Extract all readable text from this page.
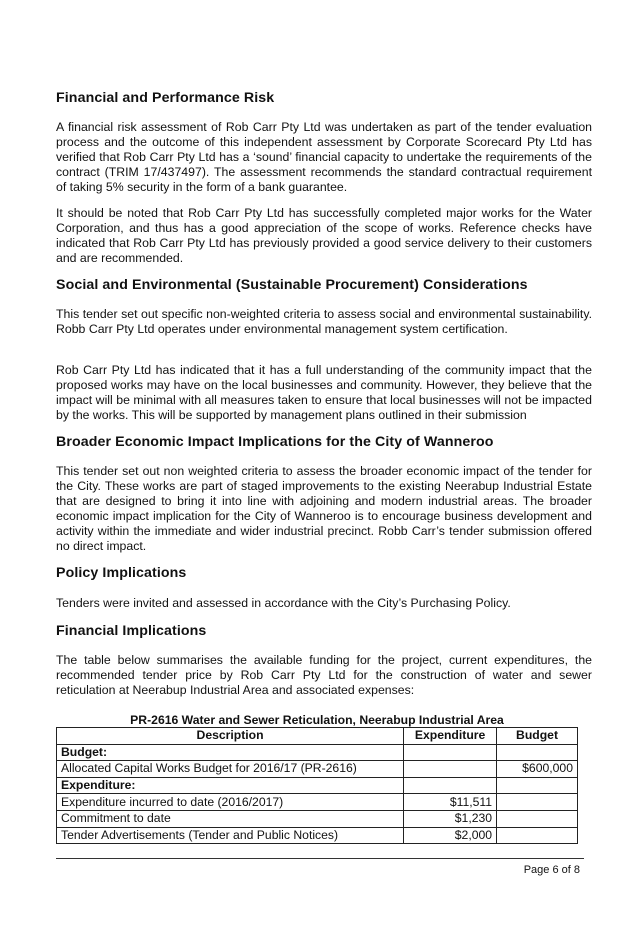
Financial and Performance Risk

A financial risk assessment of Rob Carr Pty Ltd was undertaken as part of the tender evaluation process and the outcome of this independent assessment by Corporate Scorecard Pty Ltd has verified that Rob Carr Pty Ltd has a ‘sound’ financial capacity to undertake the requirements of the contract (TRIM 17/437497). The assessment recommends the standard contractual requirement of taking 5% security in the form of a bank guarantee.

It should be noted that Rob Carr Pty Ltd has successfully completed major works for the Water Corporation, and thus has a good appreciation of the scope of works. Reference checks have indicated that Rob Carr Pty Ltd has previously provided a good service delivery to their customers and are recommended.

Social and Environmental (Sustainable Procurement) Considerations

This tender set out specific non-weighted criteria to assess social and environmental sustainability. Robb Carr Pty Ltd operates under environmental management system certification.

Rob Carr Pty Ltd has indicated that it has a full understanding of the community impact that the proposed works may have on the local businesses and community. However, they believe that the impact will be minimal with all measures taken to ensure that local businesses will not be impacted by the works. This will be supported by management plans outlined in their submission

Broader Economic Impact Implications for the City of Wanneroo

This tender set out non weighted criteria to assess the broader economic impact of the tender for the City. These works are part of staged improvements to the existing Neerabup Industrial Estate that are designed to bring it into line with adjoining and modern industrial areas. The broader economic impact implication for the City of Wanneroo is to encourage business development and activity within the immediate and wider industrial precinct. Robb Carr’s tender submission offered no direct impact.

Policy Implications

Tenders were invited and assessed in accordance with the City’s Purchasing Policy.

Financial Implications

The table below summarises the available funding for the project, current expenditures, the recommended tender price by Rob Carr Pty Ltd for the construction of water and sewer reticulation at Neerabup Industrial Area and associated expenses:

PR-2616 Water and Sewer Reticulation, Neerabup Industrial Area
Description	Expenditure	Budget
Budget:		
Allocated Capital Works Budget for 2016/17 (PR-2616)		$600,000
Expenditure:		
Expenditure incurred to date (2016/2017)	$11,511	
Commitment to date	$1,230	
Tender Advertisements (Tender and Public Notices)	$2,000	
Page 6 of 8
